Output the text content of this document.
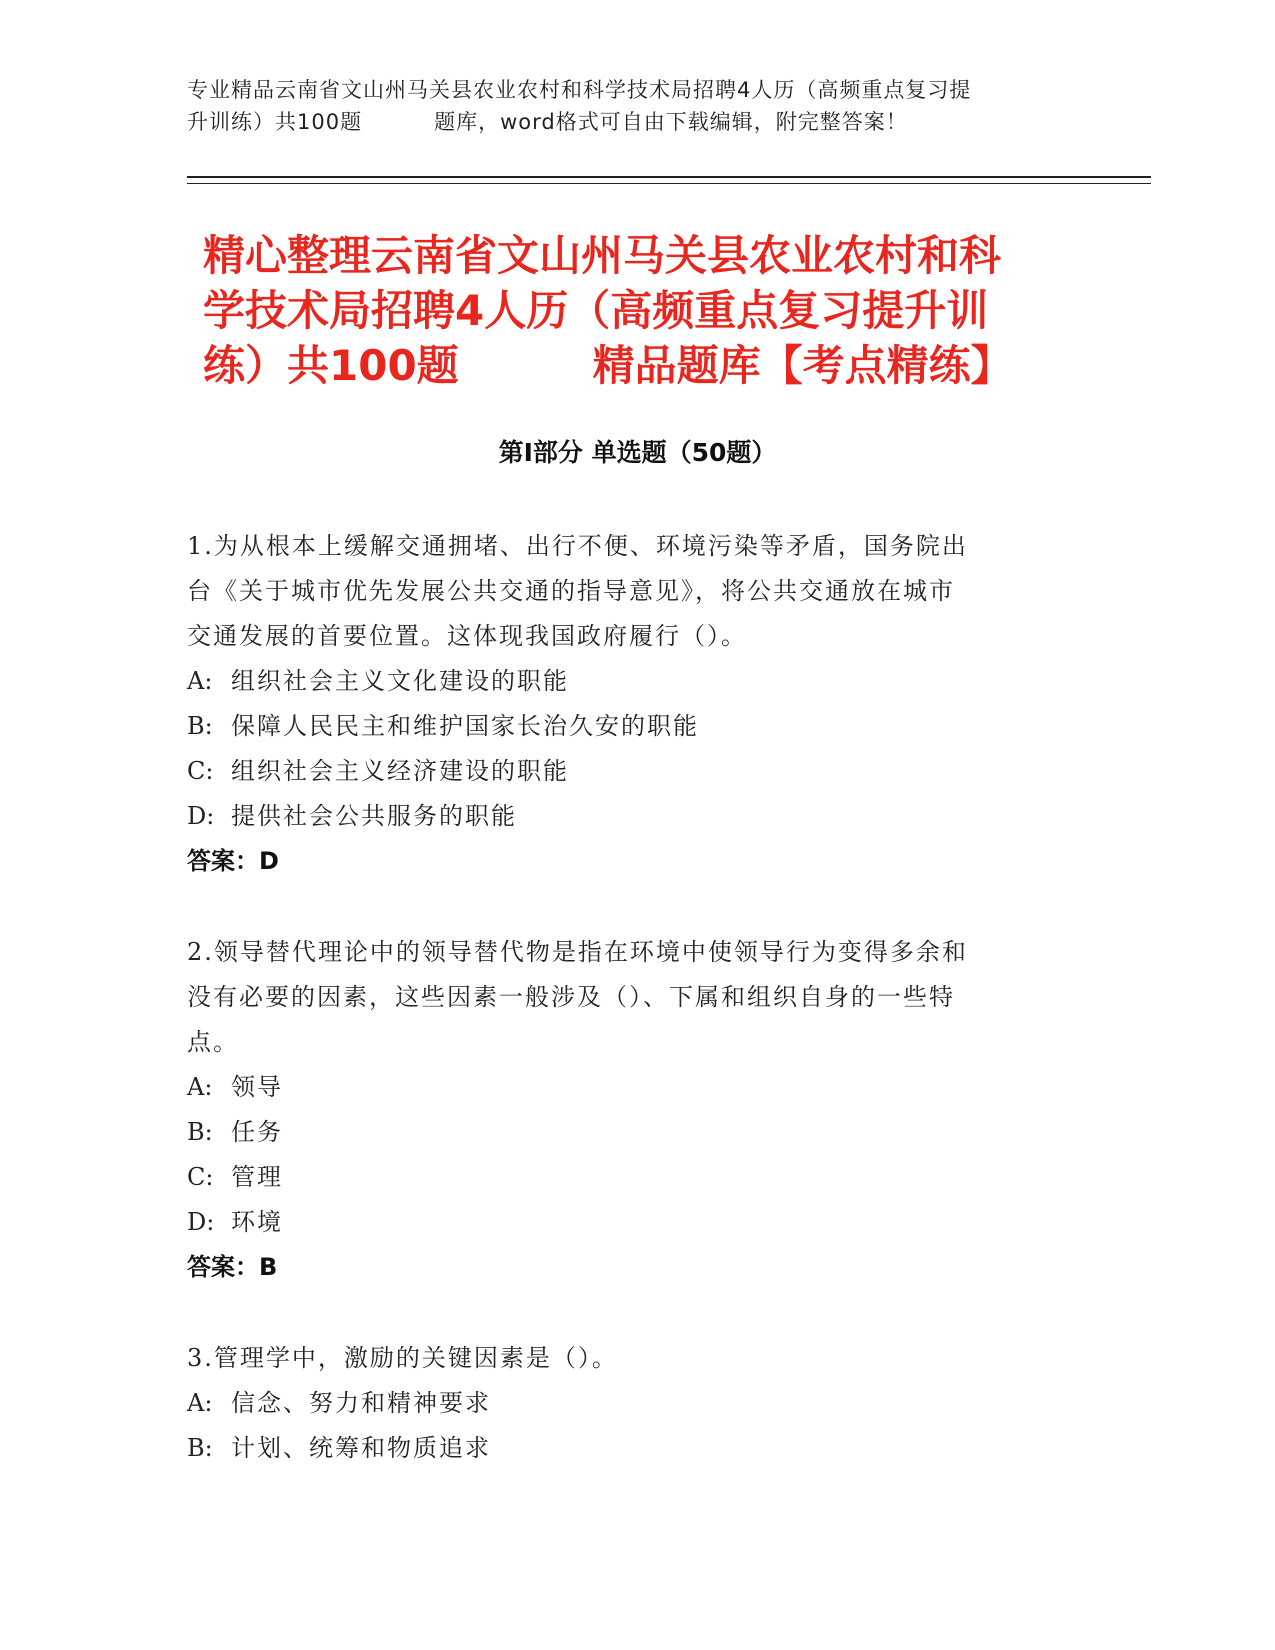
专业精品云南省文山州马关县农业农村和科学技术局招聘4人历（高频重点复习提
升训练）共100题	题库，word格式可自由下载编辑，附完整答案！
精心整理云南省文山州马关县农业农村和科
学技术局招聘4人历（高频重点复习提升训
练）共100题	精品题库【考点精练】
第Ⅰ部分 单选题（50题）

1.为从根本上缓解交通拥堵、出行不便、环境污染等矛盾，国务院出

台《关于城市优先发展公共交通的指导意见》，将公共交通放在城市

交通发展的首要位置。这体现我国政府履行（）。

A: 组织社会主义文化建设的职能

B: 保障人民民主和维护国家长治久安的职能

C: 组织社会主义经济建设的职能

D: 提供社会公共服务的职能

答案：D

2.领导替代理论中的领导替代物是指在环境中使领导行为变得多余和

没有必要的因素，这些因素一般涉及（）、下属和组织自身的一些特

点。

A: 领导

B: 任务

C: 管理

D: 环境

答案：B

3.管理学中，激励的关键因素是（）。

A: 信念、努力和精神要求

B: 计划、统筹和物质追求
